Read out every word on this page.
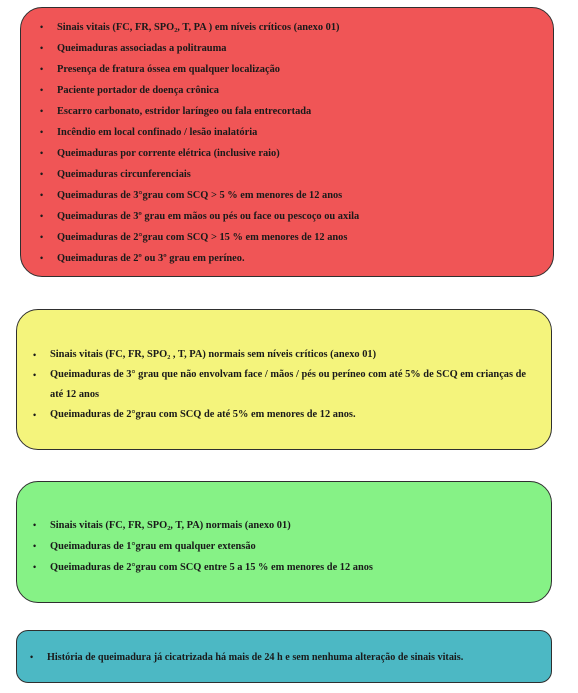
• Sinais vitais (FC, FR, SPO₂, T, PA ) em níveis críticos (anexo 01)
• Queimaduras associadas a politrauma
• Presença de fratura óssea em qualquer localização
• Paciente portador de doença crônica
• Escarro carbonato, estridor laríngeo ou fala entrecortada
• Incêndio em local confinado / lesão inalatória
• Queimaduras por corrente elétrica (inclusive raio)
• Queimaduras circunferenciais
• Queimaduras de 3°grau com SCQ > 5 % em menores de 12 anos
• Queimaduras de 3º grau em mãos ou pés ou face ou pescoço ou axila
• Queimaduras de 2°grau com SCQ > 15 % em menores de 12 anos
• Queimaduras de 2º ou 3º grau em períneo.
• Sinais vitais (FC, FR, SPO₂ , T, PA) normais sem níveis críticos (anexo 01)
• Queimaduras de 3° grau que não envolvam face / mãos / pés ou períneo com até 5% de SCQ em crianças de até 12 anos
• Queimaduras de 2°grau com SCQ de até 5% em menores de 12 anos.
• Sinais vitais (FC, FR, SPO₂, T, PA) normais (anexo 01)
• Queimaduras de 1°grau em qualquer extensão
• Queimaduras de 2°grau com SCQ entre 5 a 15 % em menores de 12 anos
• História de queimadura já cicatrizada há mais de 24 h e sem nenhuma alteração de sinais vitais.
